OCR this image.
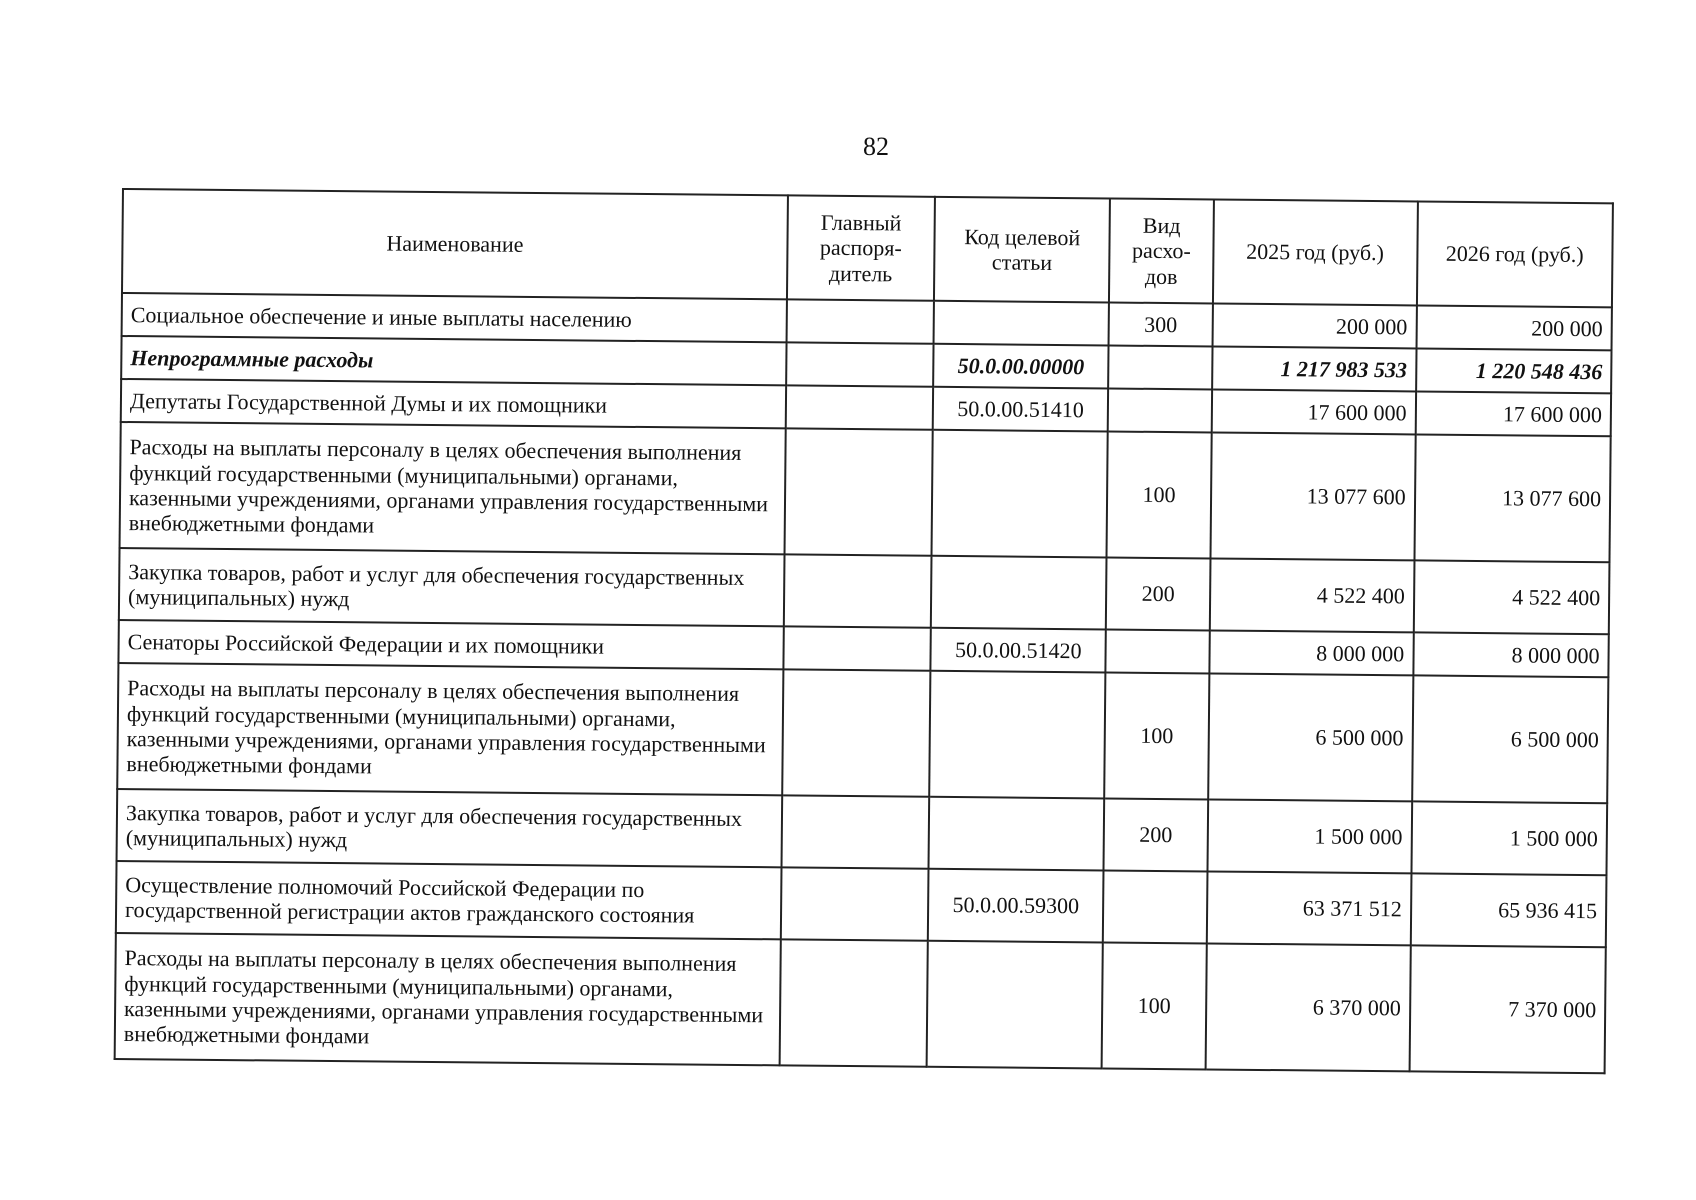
82
Наименование	Главный распоря-дитель	Код целевой статьи	Вид расхо-дов	2025 год (руб.)	2026 год (руб.)
Социальное обеспечение и иные выплаты населению			300	200 000	200 000
Непрограммные расходы		50.0.00.00000		1 217 983 533	1 220 548 436
Депутаты Государственной Думы и их помощники		50.0.00.51410		17 600 000	17 600 000
Расходы на выплаты персоналу в целях обеспечения выполнения функций государственными (муниципальными) органами, казенными учреждениями, органами управления государственными внебюджетными фондами			100	13 077 600	13 077 600
Закупка товаров, работ и услуг для обеспечения государственных (муниципальных) нужд			200	4 522 400	4 522 400
Сенаторы Российской Федерации и их помощники		50.0.00.51420		8 000 000	8 000 000
Расходы на выплаты персоналу в целях обеспечения выполнения функций государственными (муниципальными) органами, казенными учреждениями, органами управления государственными внебюджетными фондами			100	6 500 000	6 500 000
Закупка товаров, работ и услуг для обеспечения государственных (муниципальных) нужд			200	1 500 000	1 500 000
Осуществление полномочий Российской Федерации по государственной регистрации актов гражданского состояния		50.0.00.59300		63 371 512	65 936 415
Расходы на выплаты персоналу в целях обеспечения выполнения функций государственными (муниципальными) органами, казенными учреждениями, органами управления государственными внебюджетными фондами			100	6 370 000	7 370 000
